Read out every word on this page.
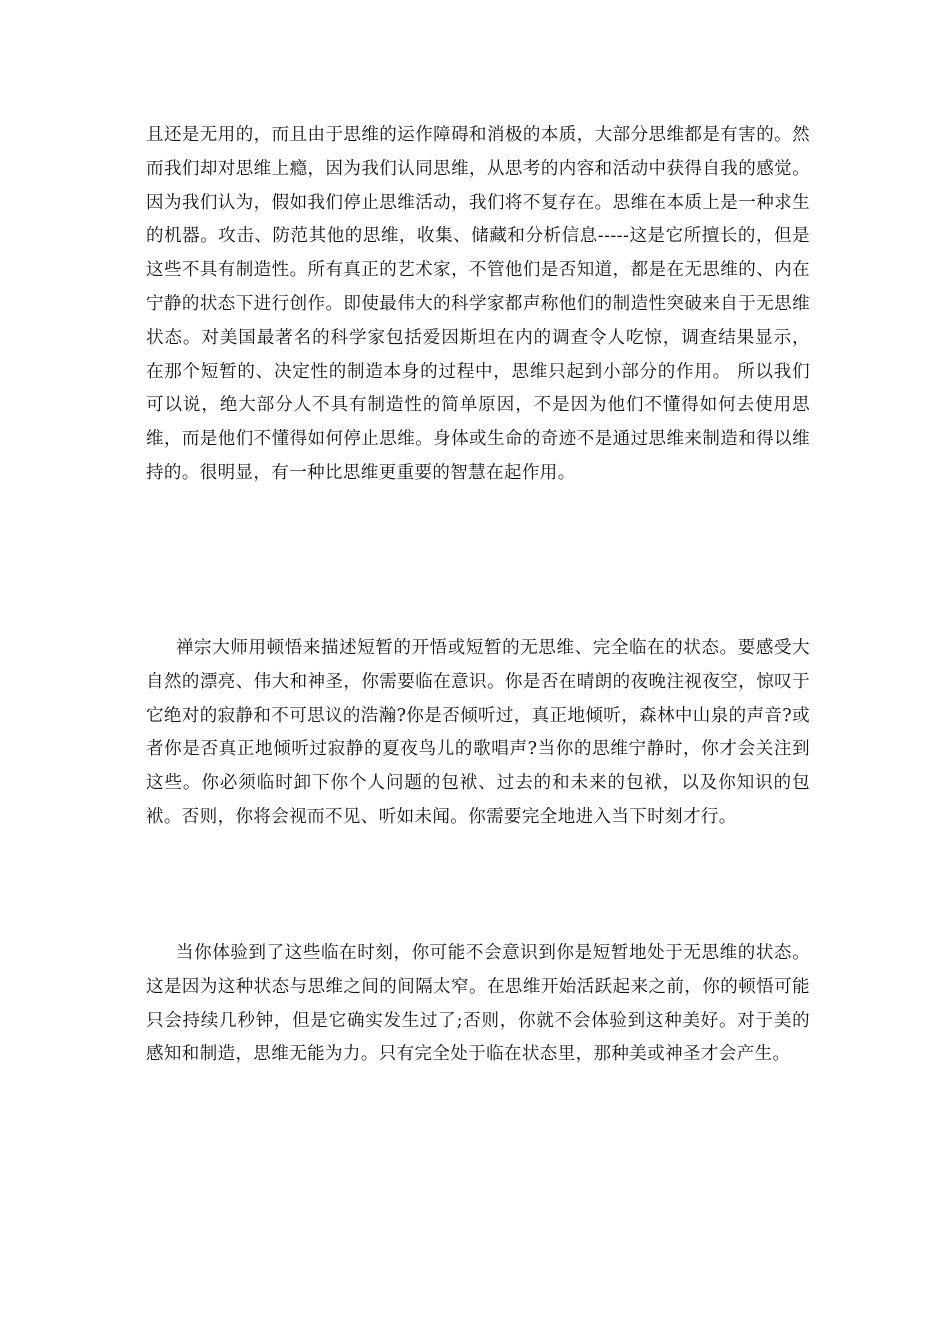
且还是无用的，而且由于思维的运作障碍和消极的本质，大部分思维都是有害的。然而我们却对思维上瘾，因为我们认同思维，从思考的内容和活动中获得自我的感觉。因为我们认为，假如我们停止思维活动，我们将不复存在。思维在本质上是一种求生的机器。攻击、防范其他的思维，收集、储藏和分析信息-----这是它所擅长的，但是这些不具有制造性。所有真正的艺术家，不管他们是否知道，都是在无思维的、内在宁静的状态下进行创作。即使最伟大的科学家都声称他们的制造性突破来自于无思维状态。对美国最著名的科学家包括爱因斯坦在内的调查令人吃惊，调查结果显示， 在那个短暂的、决定性的制造本身的过程中，思维只起到小部分的作用。 所以我们可以说，绝大部分人不具有制造性的简单原因，不是因为他们不懂得如何去使用思维，而是他们不懂得如何停止思维。身体或生命的奇迹不是通过思维来制造和得以维持的。很明显，有一种比思维更重要的智慧在起作用。

禅宗大师用顿悟来描述短暂的开悟或短暂的无思维、完全临在的状态。要感受大自然的漂亮、伟大和神圣，你需要临在意识。你是否在晴朗的夜晚注视夜空，惊叹于它绝对的寂静和不可思议的浩瀚?你是否倾听过，真正地倾听，森林中山泉的声音?或者你是否真正地倾听过寂静的夏夜鸟儿的歌唱声?当你的思维宁静时，你才会关注到这些。你必须临时卸下你个人问题的包袱、过去的和未来的包袱，以及你知识的包袱。否则，你将会视而不见、听如未闻。你需要完全地进入当下时刻才行。

当你体验到了这些临在时刻，你可能不会意识到你是短暂地处于无思维的状态。这是因为这种状态与思维之间的间隔太窄。在思维开始活跃起来之前，你的顿悟可能只会持续几秒钟，但是它确实发生过了;否则，你就不会体验到这种美好。对于美的感知和制造，思维无能为力。只有完全处于临在状态里，那种美或神圣才会产生。
